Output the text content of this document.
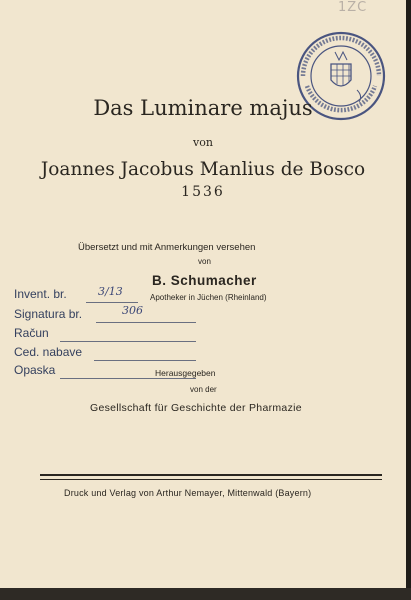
1ZC
Das Luminare majus
von
Joannes Jacobus Manlius de Bosco
1536
Übersetzt und mit Anmerkungen versehen
von
B. Schumacher
Apotheker in Jüchen (Rheinland)
Herausgegeben
von der
Gesellschaft für Geschichte der Pharmazie
Invent. br.	3/13
Signatura br.	306
Račun
Ced. nabave
Opaska
Druck und Verlag von Arthur Nemayer, Mittenwald (Bayern)
